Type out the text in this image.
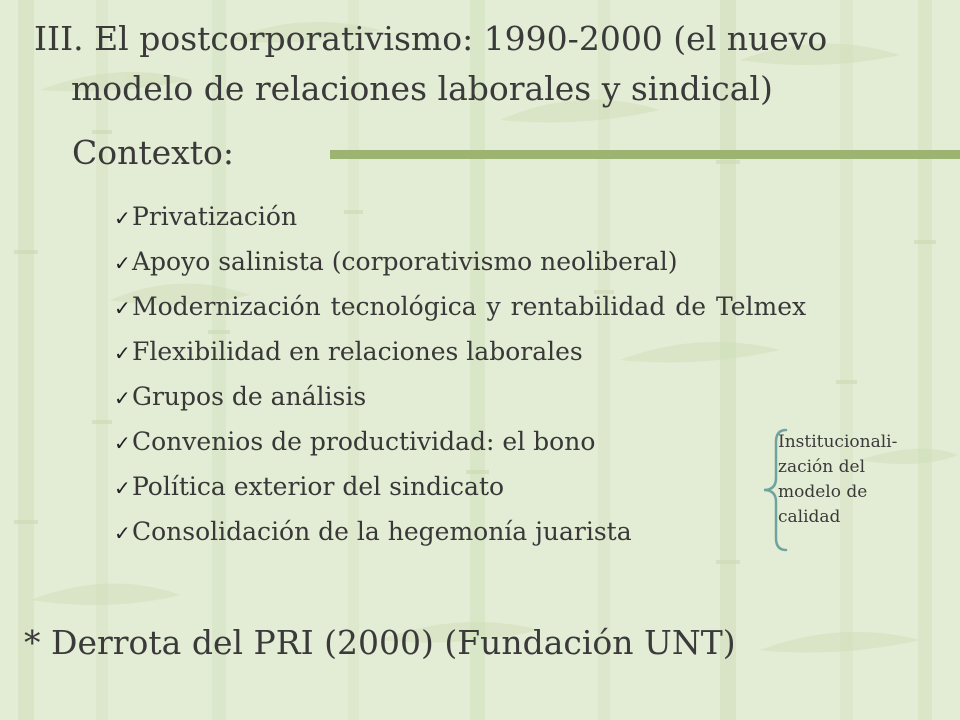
III. El postcorporativismo: 1990-2000 (el nuevo
modelo de relaciones laborales y sindical)
Contexto:
✓Privatización
✓Apoyo salinista (corporativismo neoliberal)
✓Modernización tecnológica y rentabilidad de Telmex
✓Flexibilidad en relaciones laborales
✓Grupos de análisis
✓Convenios de productividad: el bono
✓Política exterior del sindicato
✓Consolidación de la hegemonía juarista

Institucionali-
zación del
modelo de
calidad

* Derrota del PRI (2000) (Fundación UNT)
